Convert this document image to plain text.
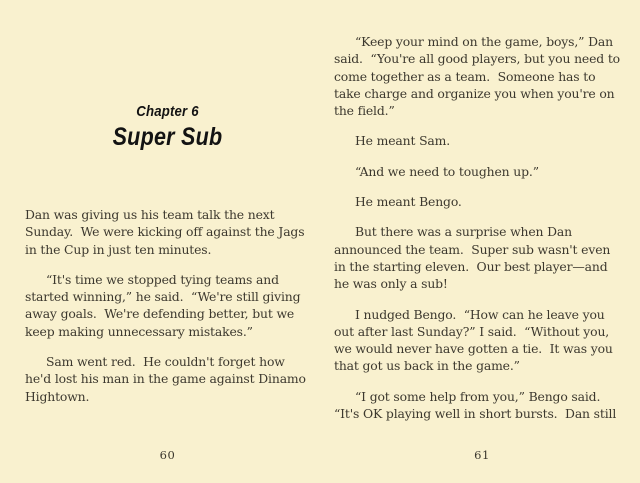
Chapter 6
Super Sub

Dan was giving us his team talk the next Sunday.  We were kicking off against the Jags in the Cup in just ten minutes.

“It's time we stopped tying teams and started winning,” he said.  “We're still giving away goals.  We're defending better, but we keep making unnecessary mistakes.”

Sam went red.  He couldn't forget how he'd lost his man in the game against Dinamo Hightown.

60

“Keep your mind on the game, boys,” Dan said.  “You're all good players, but you need to come together as a team.  Someone has to take charge and organize you when you're on the field.”

He meant Sam.

“And we need to toughen up.”

He meant Bengo.

But there was a surprise when Dan announced the team.  Super sub wasn't even in the starting eleven.  Our best player—and he was only a sub!

I nudged Bengo.  “How can he leave you out after last Sunday?” I said.  “Without you, we would never have gotten a tie.  It was you that got us back in the game.”

“I got some help from you,” Bengo said. “It's OK playing well in short bursts.  Dan still

61
